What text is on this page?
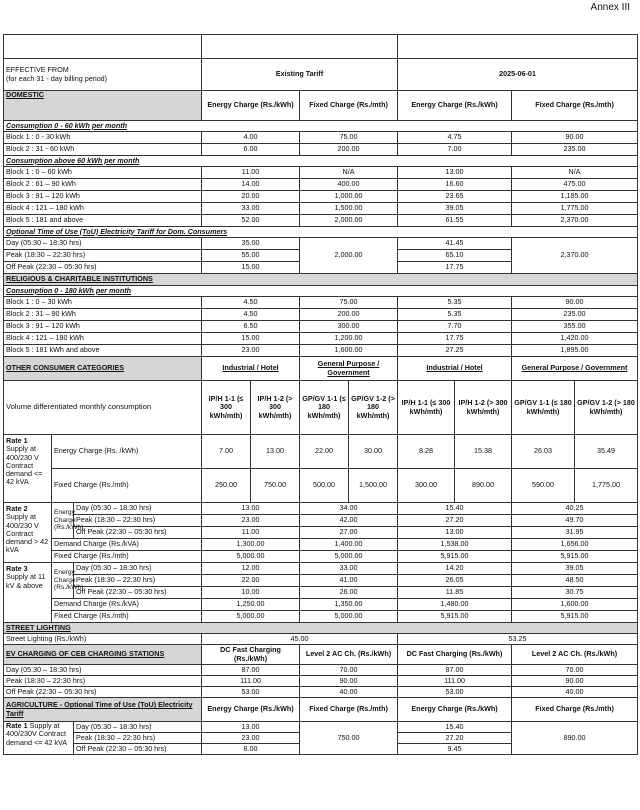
Annex III

EFFECTIVE FROM
(for each 31 - day billing period)			Existing Tariff				2025-06-01			
DOMESTIC			Energy Charge (Rs./kWh)		Fixed Charge (Rs./mth)		Energy Charge (Rs./kWh)		Fixed Charge (Rs./mth)	
Consumption 0 - 60 kWh per month										
Block 1 : 0 - 30 kWh			4.00		75.00		4.75		90.00	
Block 2 : 31 - 60 kWh			6.00		200.00		7.00		235.00	
Consumption above 60 kWh per month										
Block 1 : 0 – 60 kWh			11.00		N/A		13.00		N/A	
Block 2 : 61 – 90 kWh			14.00		400.00		16.60		475.00	
Block 3 : 91 – 120 kWh			20.00		1,000.00		23.65		1,185.00	
Block 4 : 121 – 180 kWh			33.00		1,500.00		39.05		1,775.00	
Block 5 : 181 and above			52.00		2,000.00		61.55		2,370.00	
Optional Time of Use (ToU) Electricity Tariff for Dom. Consumers										
Day (05:30 – 18:30 hrs)			35.00		2,000.00		41.45		2,370.00	
Peak (18:30 – 22:30 hrs)			55.00				65.10			
Off Peak (22:30 – 05:30 hrs)			15.00				17.75			
RELIGIOUS & CHARITABLE INSTITUTIONS										
Consumption 0 - 180 kWh per month										
Block 1 : 0 – 30 kWh			4.50		75.00		5.35		90.00	
Block 2 : 31 – 90 kWh			4.50		200.00		5.35		235.00	
Block 3 : 91 – 120 kWh			6.50		300.00		7.70		355.00	
Block 4 : 121 – 180 kWh			15.00		1,200.00		17.75		1,420.00	
Block 5 : 181 kWh and above			23.00		1,600.00		27.25		1,895.00	
OTHER CONSUMER CATEGORIES			Industrial / Hotel		General Purpose / Government		Industrial / Hotel		General Purpose / Government	
Volume differentiated monthly consumption			IP/H 1-1 (≤ 300 kWh/mth)	IP/H 1-2 (> 300 kWh/mth)	GP/GV 1-1 (≤ 180 kWh/mth)	GP/GV 1-2 (> 180 kWh/mth)	IP/H 1-1 (≤ 300 kWh/mth)	IP/H 1-2 (> 300 kWh/mth)	GP/GV 1-1 (≤ 180 kWh/mth)	GP/GV 1-2 (> 180 kWh/mth)
Rate 1
Supply at 400/230 V Contract demand <= 42 kVA	Energy Charge (Rs. /kWh)		7.00	13.00	22.00	30.00	8.28	15.38	26.03	35.49
	Fixed Charge (Rs./mth)		250.00	750.00	500.00	1,500.00	300.00	890.00	590.00	1,775.00
Rate 2
Supply at 400/230 V Contract demand > 42 kVA	Energy Charge (Rs./kWh)	Day (05:30 – 18:30 hrs)	13.00		34.00		15.40		40.25	
		Peak (18:30 – 22:30 hrs)	23.00		42.00		27.20		49.70	
		Off Peak (22:30 – 05:30 hrs)	11.00		27.00		13.00		31.95	
	Demand Charge (Rs./kVA)		1,300.00		1,400.00		1,538.00		1,656.00	
	Fixed Charge (Rs./mth)		5,000.00		5,000.00		5,915.00		5,915.00	
Rate 3
Supply at 11 kV & above	Energy Charge (Rs./kWh)	Day (05:30 – 18:30 hrs)	12.00		33.00		14.20		39.05	
		Peak (18:30 – 22:30 hrs)	22.00		41.00		26.05		48.50	
		Off Peak (22:30 – 05:30 hrs)	10.00		26.00		11.85		30.75	
	Demand Charge (Rs./kVA)		1,250.00		1,350.00		1,480.00		1,600.00	
	Fixed Charge (Rs./mth)		5,000.00		5,000.00		5,915.00		5,915.00	
STREET LIGHTING										
Street Lighting (Rs./kWh)			45.00				53.25			
EV CHARGING OF CEB CHARGING STATIONS			DC Fast Charging (Rs./kWh)		Level 2 AC Ch. (Rs./kWh)		DC Fast Charging (Rs./kWh)		Level 2 AC Ch. (Rs./kWh)	
Day (05:30 – 18:30 hrs)			87.00		70.00		87.00		70.00	
Peak (18:30 – 22:30 hrs)			111.00		90.00		111.00		90.00	
Off Peak (22:30 – 05:30 hrs)			53.00		40.00		53.00		40.00	
AGRICULTURE - Optional Time of Use (ToU) Electricity Tariff			Energy Charge (Rs./kWh)		Fixed Charge (Rs./mth)		Energy Charge (Rs./kWh)		Fixed Charge (Rs./mth)	
Rate 1 Supply at 400/230V Contract demand <= 42 kVA		Day (05:30 – 18:30 hrs)	13.00		750.00		15.40		890.00	
		Peak (18:30 – 22:30 hrs)	23.00				27.20			
		Off Peak (22:30 – 05:30 hrs)	8.00				9.45			
